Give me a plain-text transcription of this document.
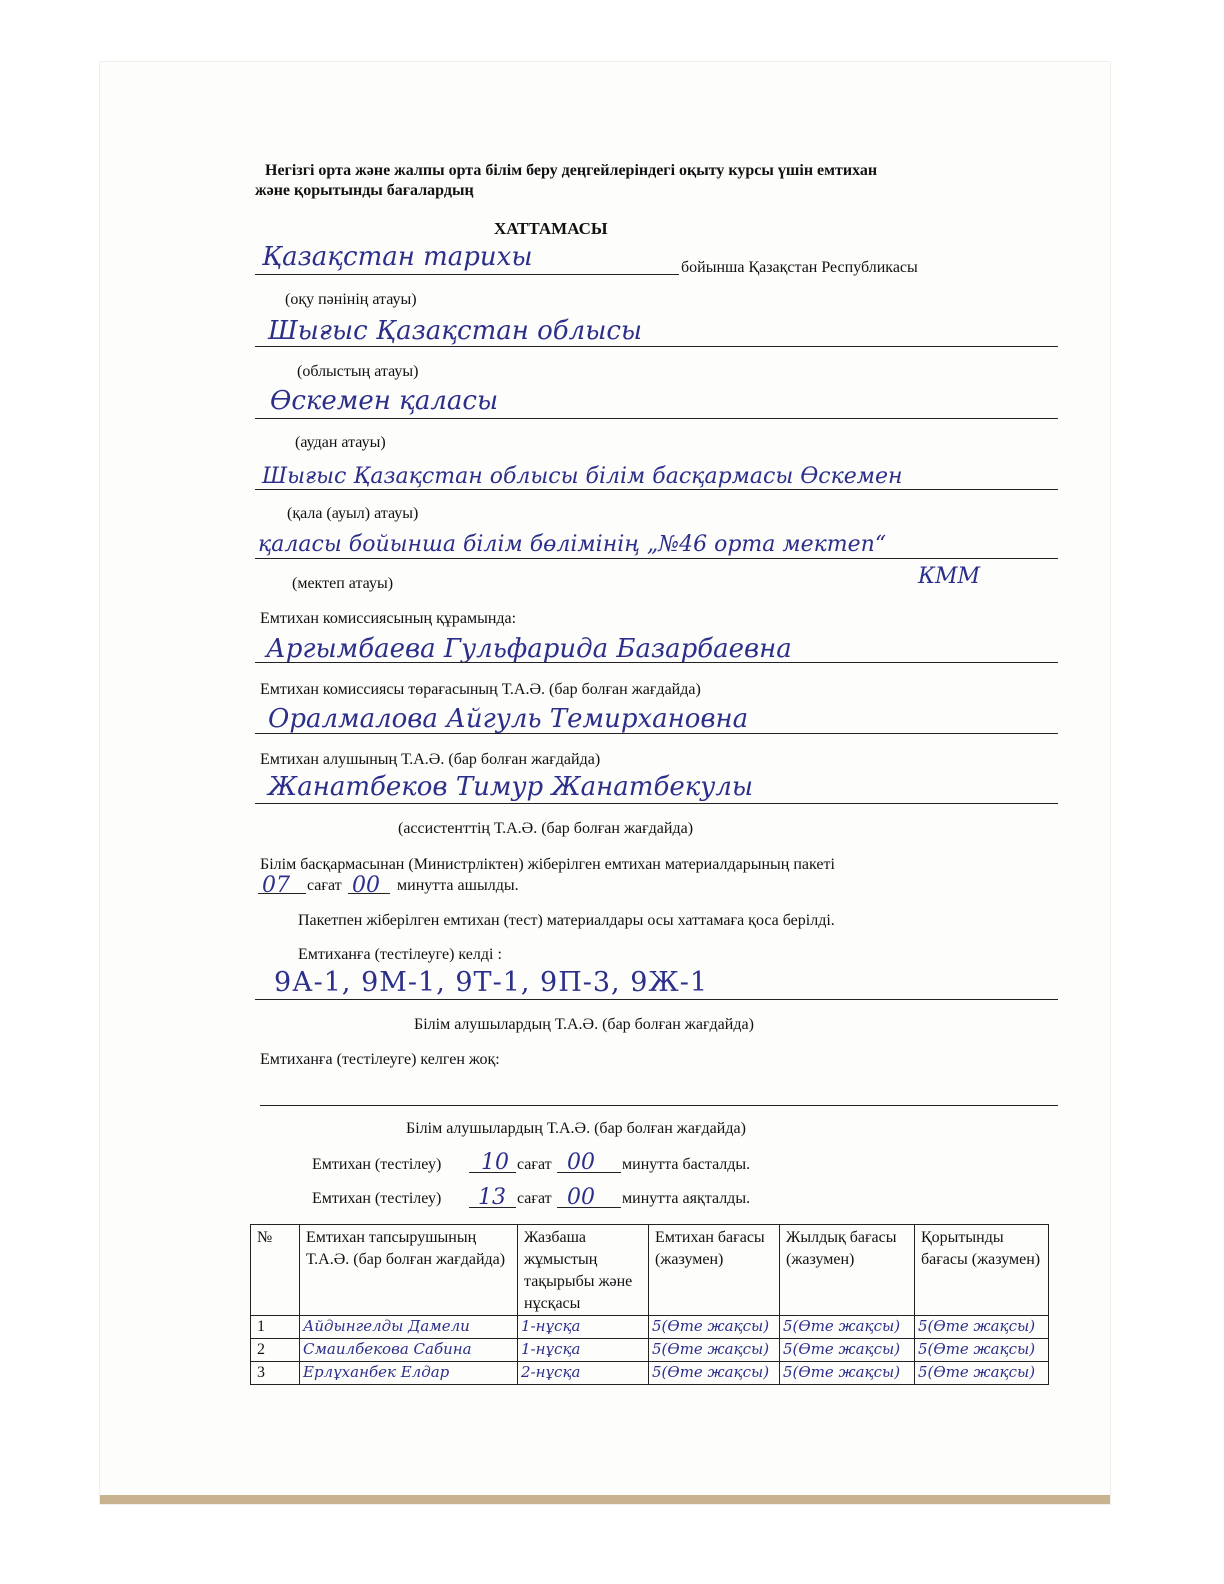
Негізгі орта және жалпы орта білім беру деңгейлеріндегі оқыту курсы үшін емтихан
және қорытынды бағалардың
ХАТТАМАСЫ
Қазақстан тарихы	бойынша Қазақстан Республикасы
(оқу пәнінің атауы)
Шығыс Қазақстан облысы
(облыстың атауы)
Өскемен қаласы
(аудан атауы)
Шығыс Қазақстан облысы білім басқармасы Өскемен
(қала (ауыл) атауы)
қаласы бойынша білім бөлімінің „№46 орта мектеп“
КММ
(мектеп атауы)
Емтихан комиссиясының құрамында:
Аргымбаева Гульфарида Базарбаевна
Емтихан комиссиясы төрағасының Т.А.Ә. (бар болған жағдайда)
Оралмалова Айгуль Темирхановна
Емтихан алушының Т.А.Ә. (бар болған жағдайда)
Жанатбеков Тимур Жанатбекулы
(ассистенттің Т.А.Ә. (бар болған жағдайда)
Білім басқармасынан (Министрліктен) жіберілген емтихан материалдарының пакеті
07 сағат 00 минутта ашылды.
Пакетпен жіберілген емтихан (тест) материалдары осы хаттамаға қоса берілді.
Емтиханға (тестілеуге) келді :
9А-1, 9М-1, 9Т-1, 9П-3, 9Ж-1
Білім алушылардың Т.А.Ә. (бар болған жағдайда)
Емтиханға (тестілеуге) келген жоқ:
Білім алушылардың Т.А.Ә. (бар болған жағдайда)
Емтихан (тестілеу) 10 сағат 00 минутта басталды.
Емтихан (тестілеу) 13 сағат 00 минутта аяқталды.
№	Емтихан тапсырушының Т.А.Ә. (бар болған жағдайда)	Жазбаша жұмыстың тақырыбы және нұсқасы	Емтихан бағасы (жазумен)	Жылдық бағасы (жазумен)	Қорытынды бағасы (жазумен)
1	Айдынгелды Дамели	1-нұсқа	5(Өте жақсы)	5(Өте жақсы)	5(Өте жақсы)
2	Смаилбекова Сабина	1-нұсқа	5(Өте жақсы)	5(Өте жақсы)	5(Өте жақсы)
3	Ерлұханбек Елдар	2-нұсқа	5(Өте жақсы)	5(Өте жақсы)	5(Өте жақсы)
